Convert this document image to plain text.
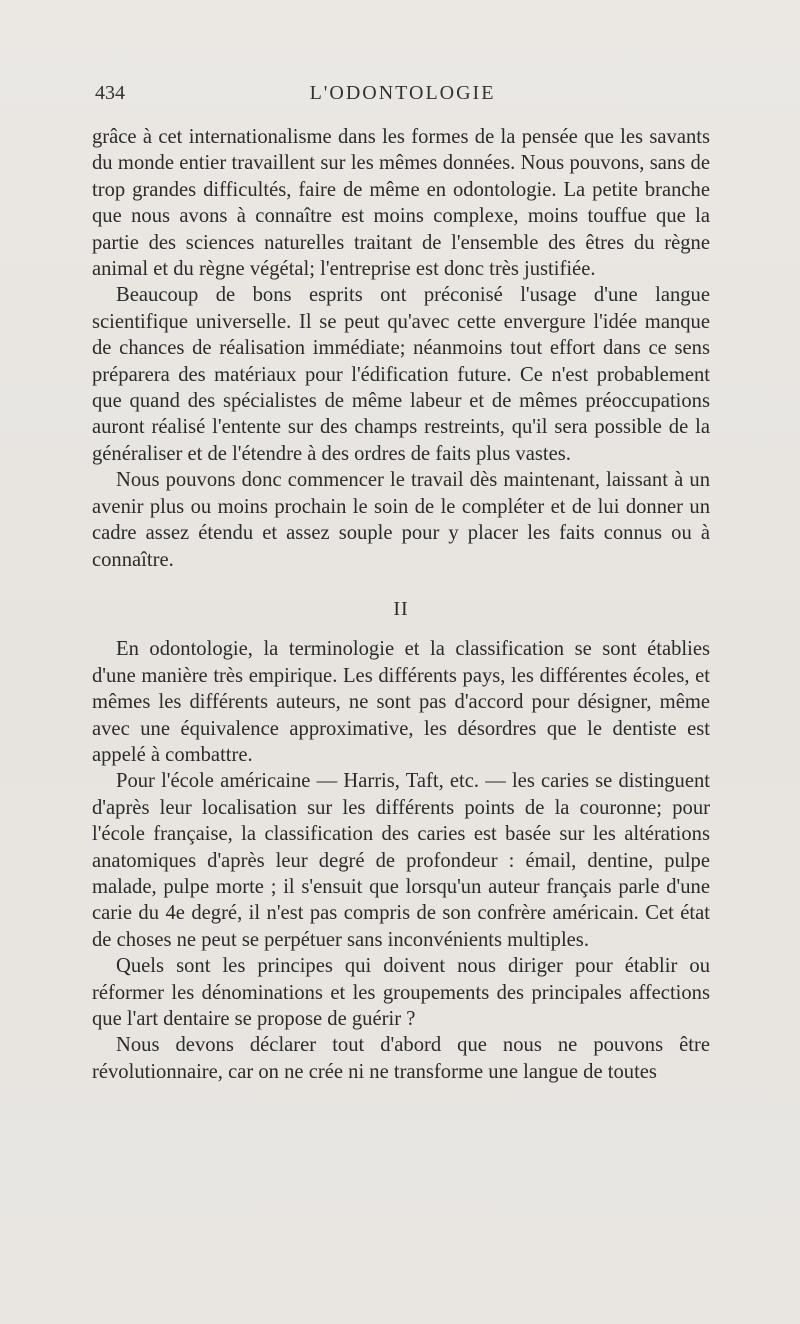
434	L'ODONTOLOGIE

grâce à cet internationalisme dans les formes de la pensée que les savants du monde entier travaillent sur les mêmes données. Nous pouvons, sans de trop grandes difficultés, faire de même en odontologie. La petite branche que nous avons à connaître est moins complexe, moins touffue que la partie des sciences naturelles traitant de l'ensemble des êtres du règne animal et du règne végétal; l'entreprise est donc très justifiée.

Beaucoup de bons esprits ont préconisé l'usage d'une langue scientifique universelle. Il se peut qu'avec cette envergure l'idée manque de chances de réalisation immédiate; néanmoins tout effort dans ce sens préparera des matériaux pour l'édification future. Ce n'est probablement que quand des spécialistes de même labeur et de mêmes préoccupations auront réalisé l'entente sur des champs restreints, qu'il sera possible de la généraliser et de l'étendre à des ordres de faits plus vastes.

Nous pouvons donc commencer le travail dès maintenant, laissant à un avenir plus ou moins prochain le soin de le compléter et de lui donner un cadre assez étendu et assez souple pour y placer les faits connus ou à connaître.

II

En odontologie, la terminologie et la classification se sont établies d'une manière très empirique. Les différents pays, les différentes écoles, et mêmes les différents auteurs, ne sont pas d'accord pour désigner, même avec une équivalence approximative, les désordres que le dentiste est appelé à combattre.

Pour l'école américaine — Harris, Taft, etc. — les caries se distinguent d'après leur localisation sur les différents points de la couronne; pour l'école française, la classification des caries est basée sur les altérations anatomiques d'après leur degré de profondeur : émail, dentine, pulpe malade, pulpe morte ; il s'ensuit que lorsqu'un auteur français parle d'une carie du 4e degré, il n'est pas compris de son confrère américain. Cet état de choses ne peut se perpétuer sans inconvénients multiples.

Quels sont les principes qui doivent nous diriger pour établir ou réformer les dénominations et les groupements des principales affections que l'art dentaire se propose de guérir ?

Nous devons déclarer tout d'abord que nous ne pouvons être révolutionnaire, car on ne crée ni ne transforme une langue de toutes
